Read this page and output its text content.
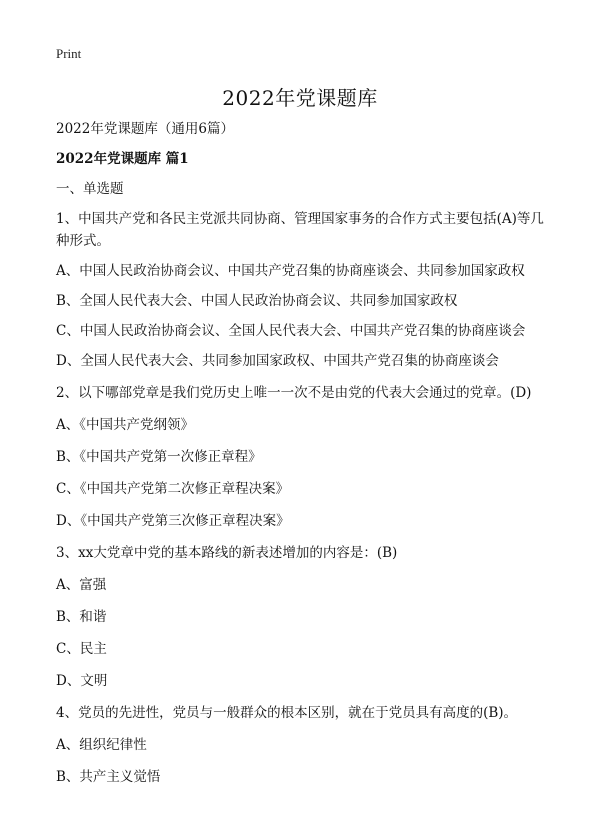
Print
2022年党课题库
2022年党课题库（通用6篇）
2022年党课题库 篇1
一、单选题
1、中国共产党和各民主党派共同协商、管理国家事务的合作方式主要包括(A)等几种形式。
A、中国人民政治协商会议、中国共产党召集的协商座谈会、共同参加国家政权
B、全国人民代表大会、中国人民政治协商会议、共同参加国家政权
C、中国人民政治协商会议、全国人民代表大会、中国共产党召集的协商座谈会
D、全国人民代表大会、共同参加国家政权、中国共产党召集的协商座谈会
2、以下哪部党章是我们党历史上唯一一次不是由党的代表大会通过的党章。(D)
A、《中国共产党纲领》
B、《中国共产党第一次修正章程》
C、《中国共产党第二次修正章程决案》
D、《中国共产党第三次修正章程决案》
3、xx大党章中党的基本路线的新表述增加的内容是：(B)
A、富强
B、和谐
C、民主
D、文明
4、党员的先进性，党员与一般群众的根本区别，就在于党员具有高度的(B)。
A、组织纪律性
B、共产主义觉悟
